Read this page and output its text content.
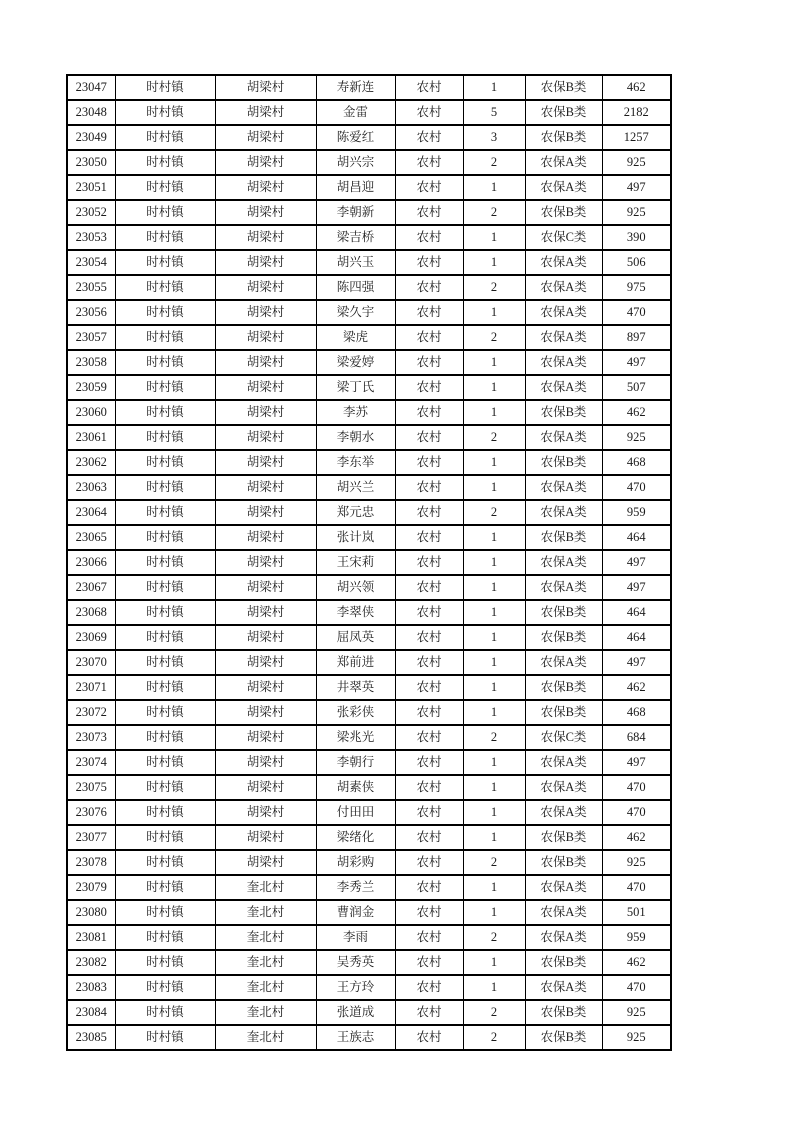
23047	时村镇	胡梁村	寿新连	农村	1	农保B类	462
23048	时村镇	胡梁村	金雷	农村	5	农保B类	2182
23049	时村镇	胡梁村	陈爱红	农村	3	农保B类	1257
23050	时村镇	胡梁村	胡兴宗	农村	2	农保A类	925
23051	时村镇	胡梁村	胡昌迎	农村	1	农保A类	497
23052	时村镇	胡梁村	李朝新	农村	2	农保B类	925
23053	时村镇	胡梁村	梁吉桥	农村	1	农保C类	390
23054	时村镇	胡梁村	胡兴玉	农村	1	农保A类	506
23055	时村镇	胡梁村	陈四强	农村	2	农保A类	975
23056	时村镇	胡梁村	梁久宇	农村	1	农保A类	470
23057	时村镇	胡梁村	梁虎	农村	2	农保A类	897
23058	时村镇	胡梁村	梁爱婷	农村	1	农保A类	497
23059	时村镇	胡梁村	梁丁氏	农村	1	农保A类	507
23060	时村镇	胡梁村	李苏	农村	1	农保B类	462
23061	时村镇	胡梁村	李朝水	农村	2	农保A类	925
23062	时村镇	胡梁村	李东举	农村	1	农保B类	468
23063	时村镇	胡梁村	胡兴兰	农村	1	农保A类	470
23064	时村镇	胡梁村	郑元忠	农村	2	农保A类	959
23065	时村镇	胡梁村	张计岚	农村	1	农保B类	464
23066	时村镇	胡梁村	王宋莉	农村	1	农保A类	497
23067	时村镇	胡梁村	胡兴领	农村	1	农保A类	497
23068	时村镇	胡梁村	李翠侠	农村	1	农保B类	464
23069	时村镇	胡梁村	屈凤英	农村	1	农保B类	464
23070	时村镇	胡梁村	郑前进	农村	1	农保A类	497
23071	时村镇	胡梁村	井翠英	农村	1	农保B类	462
23072	时村镇	胡梁村	张彩侠	农村	1	农保B类	468
23073	时村镇	胡梁村	梁兆光	农村	2	农保C类	684
23074	时村镇	胡梁村	李朝行	农村	1	农保A类	497
23075	时村镇	胡梁村	胡素侠	农村	1	农保A类	470
23076	时村镇	胡梁村	付田田	农村	1	农保A类	470
23077	时村镇	胡梁村	梁绪化	农村	1	农保B类	462
23078	时村镇	胡梁村	胡彩购	农村	2	农保B类	925
23079	时村镇	奎北村	李秀兰	农村	1	农保A类	470
23080	时村镇	奎北村	曹润金	农村	1	农保A类	501
23081	时村镇	奎北村	李雨	农村	2	农保A类	959
23082	时村镇	奎北村	吴秀英	农村	1	农保B类	462
23083	时村镇	奎北村	王方玲	农村	1	农保A类	470
23084	时村镇	奎北村	张道成	农村	2	农保B类	925
23085	时村镇	奎北村	王族志	农村	2	农保B类	925
